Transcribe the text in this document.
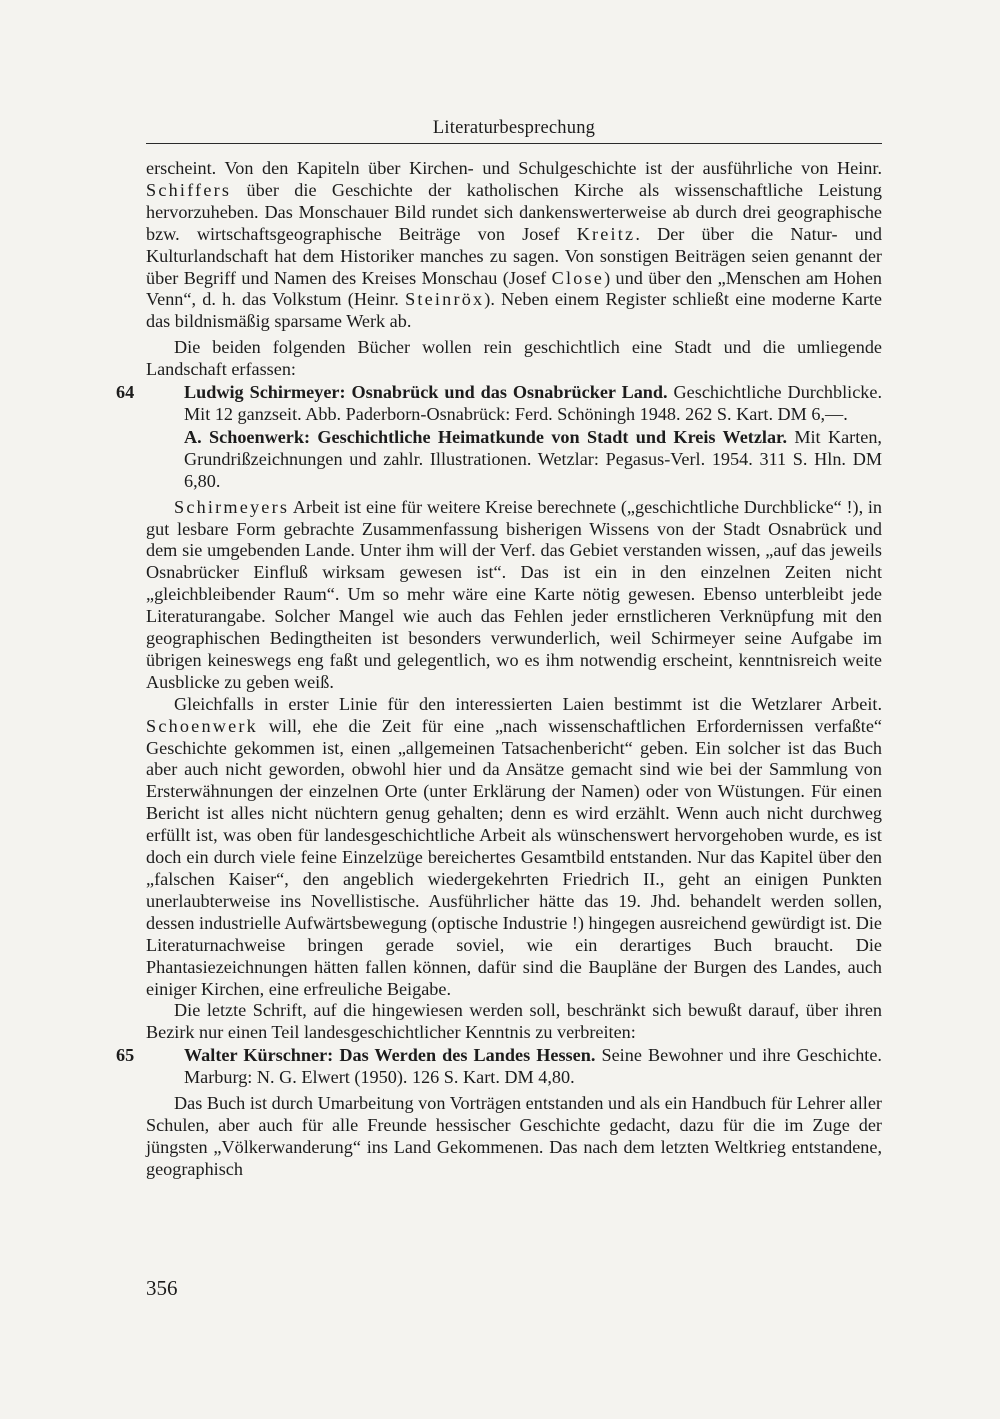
Literaturbesprechung

erscheint. Von den Kapiteln über Kirchen- und Schulgeschichte ist der ausführliche von Heinr. Schiffers über die Geschichte der katholischen Kirche als wissenschaftliche Leistung hervorzuheben. Das Monschauer Bild rundet sich dankenswerterweise ab durch drei geographische bzw. wirtschaftsgeographische Beiträge von Josef Kreitz. Der über die Natur- und Kulturlandschaft hat dem Historiker manches zu sagen. Von sonstigen Beiträgen seien genannt der über Begriff und Namen des Kreises Monschau (Josef Close) und über den „Menschen am Hohen Venn“, d. h. das Volkstum (Heinr. Steinröx). Neben einem Register schließt eine moderne Karte das bildnismäßig sparsame Werk ab.

Die beiden folgenden Bücher wollen rein geschichtlich eine Stadt und die umliegende Landschaft erfassen:

64	Ludwig Schirmeyer: Osnabrück und das Osnabrücker Land. Geschichtliche Durchblicke. Mit 12 ganzseit. Abb. Paderborn-Osnabrück: Ferd. Schöningh 1948. 262 S. Kart. DM 6,—.

A. Schoenwerk: Geschichtliche Heimatkunde von Stadt und Kreis Wetzlar. Mit Karten, Grundrißzeichnungen und zahlr. Illustrationen. Wetzlar: Pegasus-Verl. 1954. 311 S. Hln. DM 6,80.

Schirmeyers Arbeit ist eine für weitere Kreise berechnete („geschichtliche Durchblicke“ !), in gut lesbare Form gebrachte Zusammenfassung bisherigen Wissens von der Stadt Osnabrück und dem sie umgebenden Lande. Unter ihm will der Verf. das Gebiet verstanden wissen, „auf das jeweils Osnabrücker Einfluß wirksam gewesen ist“. Das ist ein in den einzelnen Zeiten nicht „gleichbleibender Raum“. Um so mehr wäre eine Karte nötig gewesen. Ebenso unterbleibt jede Literaturangabe. Solcher Mangel wie auch das Fehlen jeder ernstlicheren Verknüpfung mit den geographischen Bedingtheiten ist besonders verwunderlich, weil Schirmeyer seine Aufgabe im übrigen keineswegs eng faßt und gelegentlich, wo es ihm notwendig erscheint, kenntnisreich weite Ausblicke zu geben weiß.

Gleichfalls in erster Linie für den interessierten Laien bestimmt ist die Wetzlarer Arbeit. Schoenwerk will, ehe die Zeit für eine „nach wissenschaftlichen Erfordernissen verfaßte“ Geschichte gekommen ist, einen „allgemeinen Tatsachenbericht“ geben. Ein solcher ist das Buch aber auch nicht geworden, obwohl hier und da Ansätze gemacht sind wie bei der Sammlung von Ersterwähnungen der einzelnen Orte (unter Erklärung der Namen) oder von Wüstungen. Für einen Bericht ist alles nicht nüchtern genug gehalten; denn es wird erzählt. Wenn auch nicht durchweg erfüllt ist, was oben für landesgeschichtliche Arbeit als wünschenswert hervorgehoben wurde, es ist doch ein durch viele feine Einzelzüge bereichertes Gesamtbild entstanden. Nur das Kapitel über den „falschen Kaiser“, den angeblich wiedergekehrten Friedrich II., geht an einigen Punkten unerlaubterweise ins Novellistische. Ausführlicher hätte das 19. Jhd. behandelt werden sollen, dessen industrielle Aufwärtsbewegung (optische Industrie !) hingegen ausreichend gewürdigt ist. Die Literaturnachweise bringen gerade soviel, wie ein derartiges Buch braucht. Die Phantasiezeichnungen hätten fallen können, dafür sind die Baupläne der Burgen des Landes, auch einiger Kirchen, eine erfreuliche Beigabe.

Die letzte Schrift, auf die hingewiesen werden soll, beschränkt sich bewußt darauf, über ihren Bezirk nur einen Teil landesgeschichtlicher Kenntnis zu verbreiten:

65	Walter Kürschner: Das Werden des Landes Hessen. Seine Bewohner und ihre Geschichte. Marburg: N. G. Elwert (1950). 126 S. Kart. DM 4,80.

Das Buch ist durch Umarbeitung von Vorträgen entstanden und als ein Handbuch für Lehrer aller Schulen, aber auch für alle Freunde hessischer Geschichte gedacht, dazu für die im Zuge der jüngsten „Völkerwanderung“ ins Land Gekommenen. Das nach dem letzten Weltkrieg entstandene, geographisch

356
